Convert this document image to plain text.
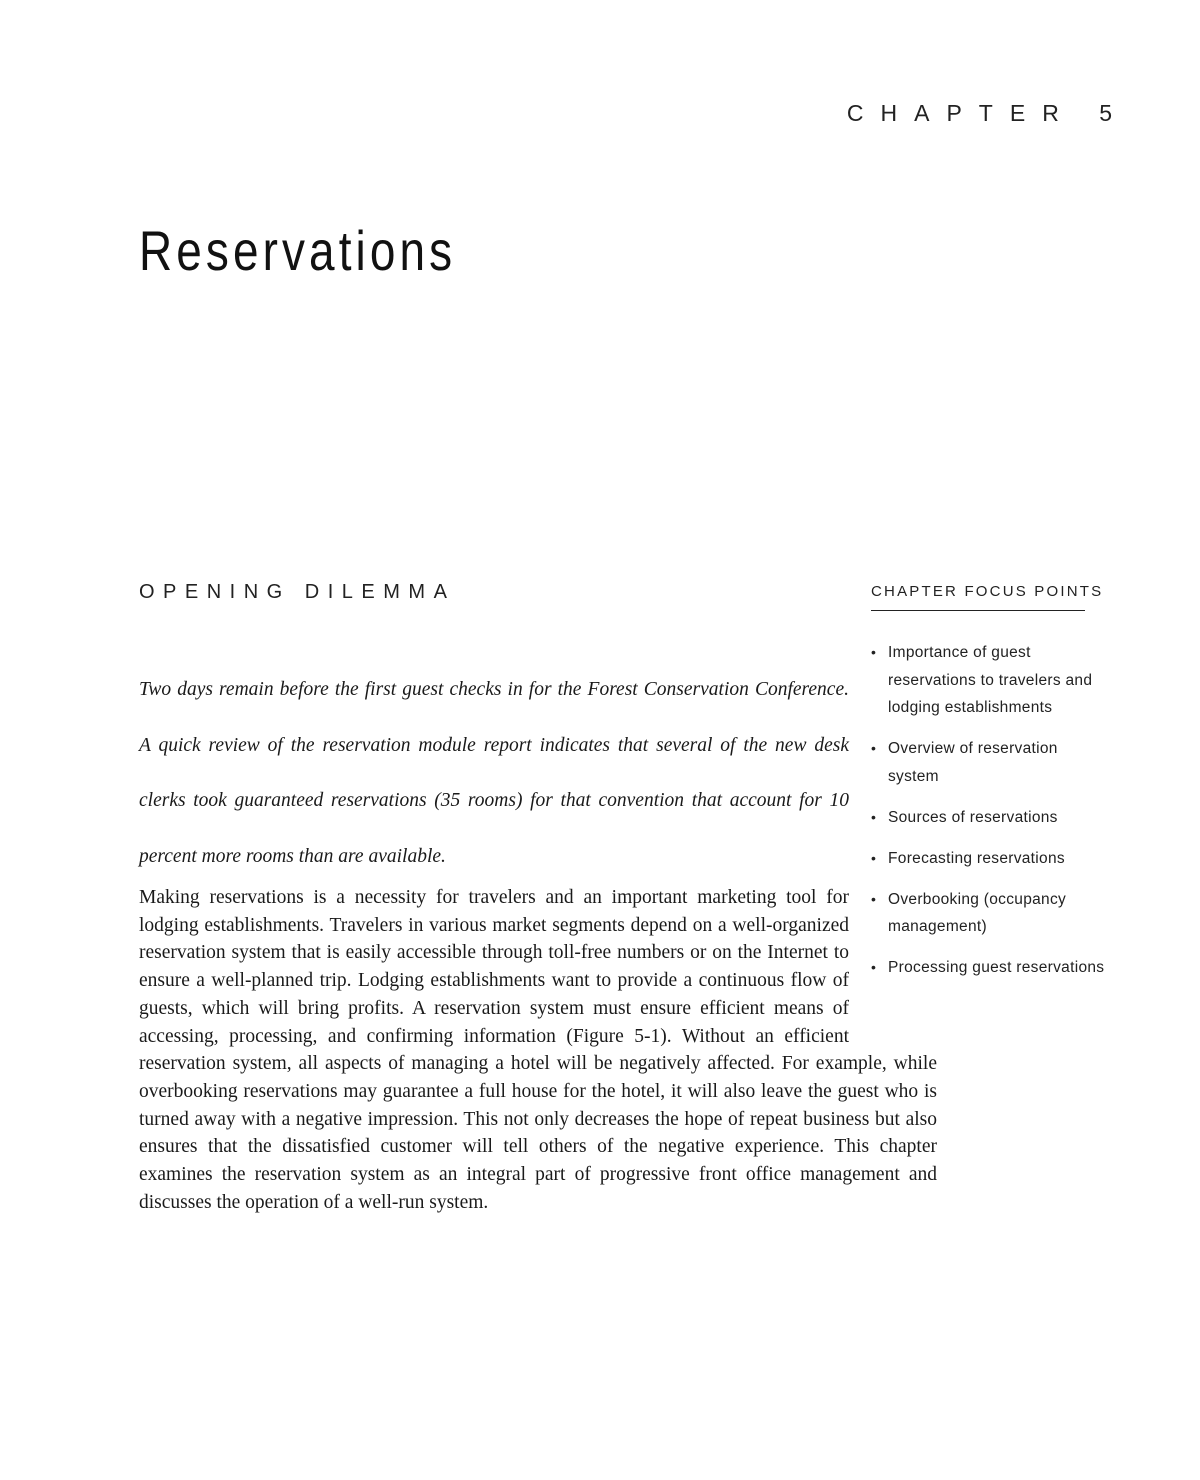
CHAPTER 5
Reservations
OPENING DILEMMA

Two days remain before the first guest checks in for the Forest Conservation Conference. A quick review of the reservation module report indicates that several of the new desk clerks took guaranteed reservations (35 rooms) for that convention that account for 10 percent more rooms than are available.

CHAPTER FOCUS POINTS
• Importance of guest reservations to travelers and lodging establishments
• Overview of reservation system
• Sources of reservations
• Forecasting reservations
• Overbooking (occupancy management)
• Processing guest reservations
Making reservations is a necessity for travelers and an important marketing tool for lodging establishments. Travelers in various market segments depend on a well-organized reservation system that is easily accessible through toll-free numbers or on the Internet to ensure a well-planned trip. Lodging establishments want to provide a continuous flow of guests, which will bring profits. A reservation system must ensure efficient means of accessing, processing, and confirming information (Figure 5-1). Without an efficient reservation system, all aspects of managing a hotel will be negatively affected. For example, while overbooking reservations may guarantee a full house for the hotel, it will also leave the guest who is turned away with a negative impression. This not only decreases the hope of repeat business but also ensures that the dissatisfied customer will tell others of the negative experience. This chapter examines the reservation system as an integral part of progressive front office management and discusses the operation of a well-run system.
